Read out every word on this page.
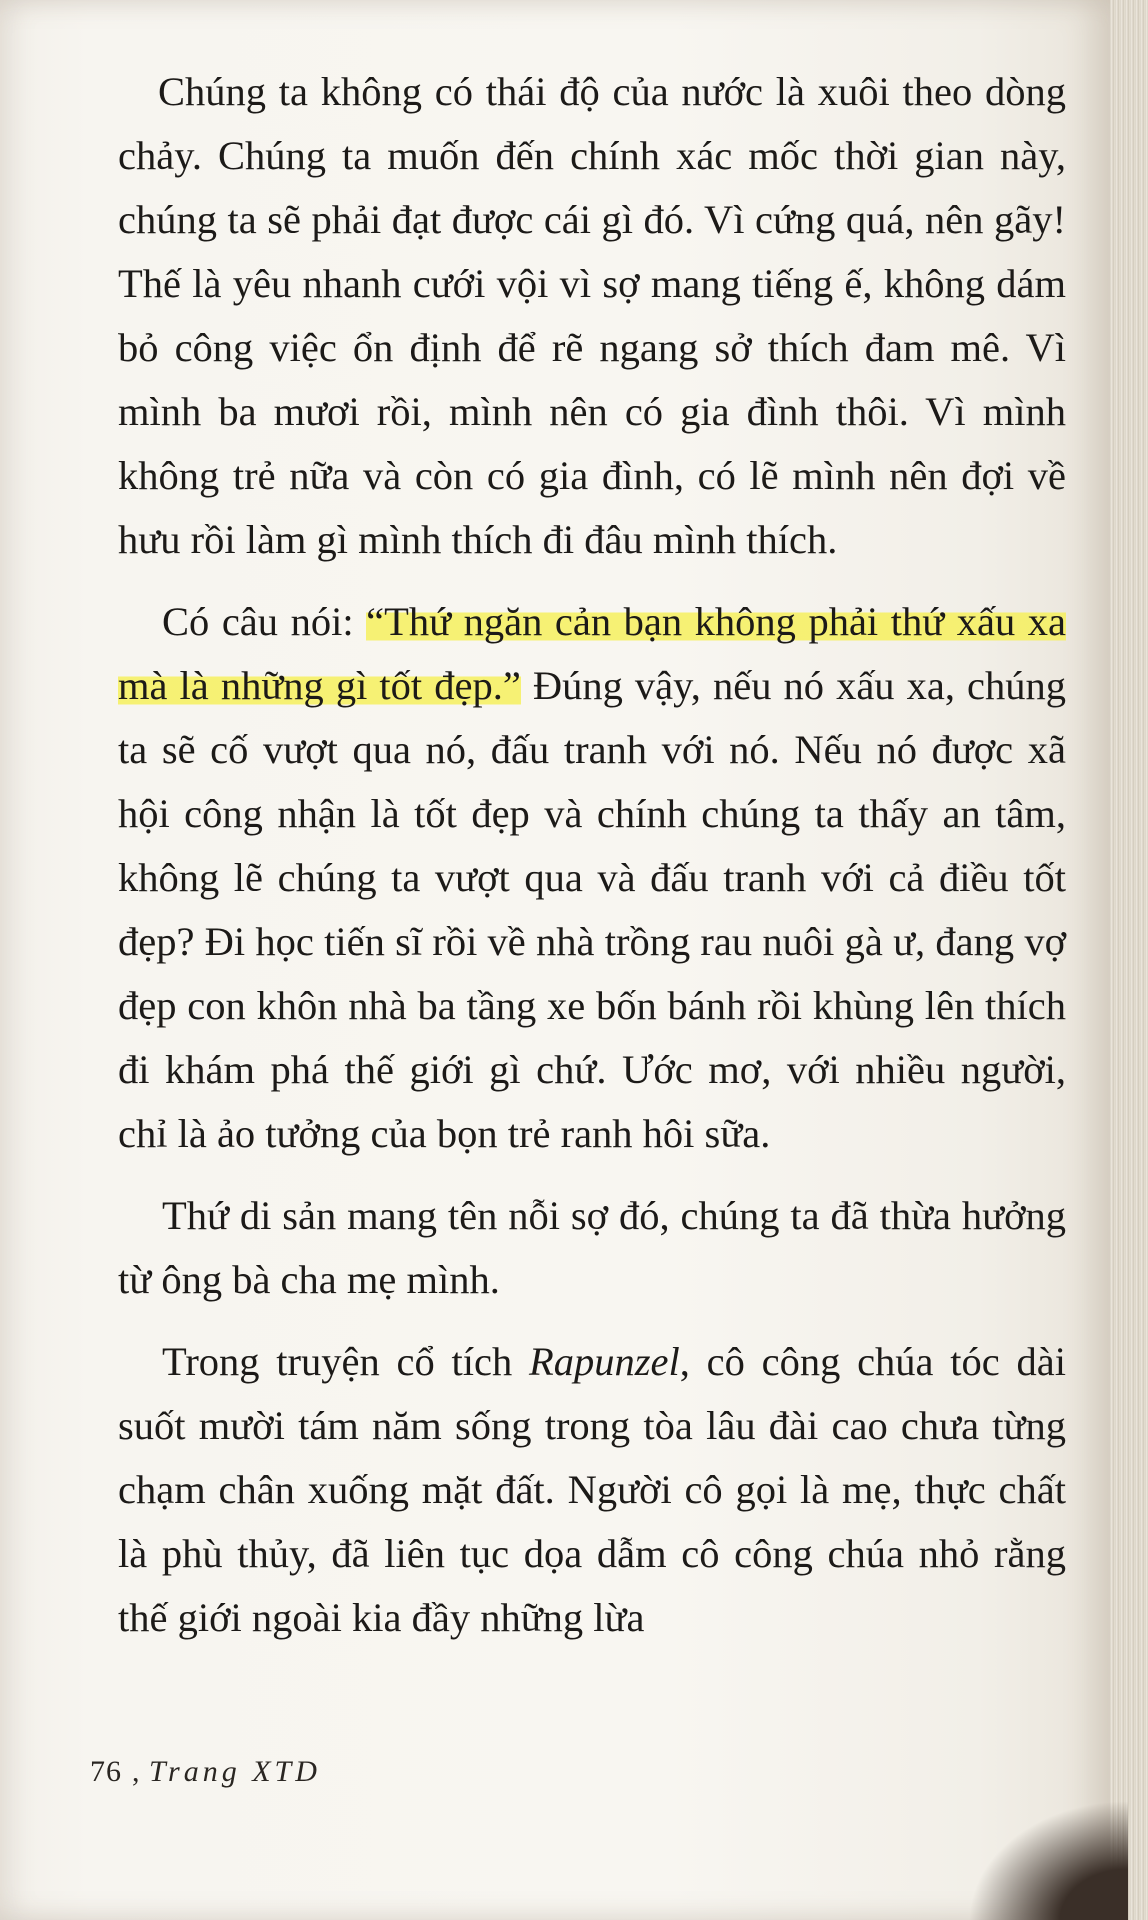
Chúng ta không có thái độ của nước là xuôi theo dòng chảy. Chúng ta muốn đến chính xác mốc thời gian này, chúng ta sẽ phải đạt được cái gì đó. Vì cứng quá, nên gãy! Thế là yêu nhanh cưới vội vì sợ mang tiếng ế, không dám bỏ công việc ổn định để rẽ ngang sở thích đam mê. Vì mình ba mươi rồi, mình nên có gia đình thôi. Vì mình không trẻ nữa và còn có gia đình, có lẽ mình nên đợi về hưu rồi làm gì mình thích đi đâu mình thích.

Có câu nói: “Thứ ngăn cản bạn không phải thứ xấu xa mà là những gì tốt đẹp.” Đúng vậy, nếu nó xấu xa, chúng ta sẽ cố vượt qua nó, đấu tranh với nó. Nếu nó được xã hội công nhận là tốt đẹp và chính chúng ta thấy an tâm, không lẽ chúng ta vượt qua và đấu tranh với cả điều tốt đẹp? Đi học tiến sĩ rồi về nhà trồng rau nuôi gà ư, đang vợ đẹp con khôn nhà ba tầng xe bốn bánh rồi khùng lên thích đi khám phá thế giới gì chứ. Ước mơ, với nhiều người, chỉ là ảo tưởng của bọn trẻ ranh hôi sữa.

Thứ di sản mang tên nỗi sợ đó, chúng ta đã thừa hưởng từ ông bà cha mẹ mình.

Trong truyện cổ tích Rapunzel, cô công chúa tóc dài suốt mười tám năm sống trong tòa lâu đài cao chưa từng chạm chân xuống mặt đất. Người cô gọi là mẹ, thực chất là phù thủy, đã liên tục dọa dẫm cô công chúa nhỏ rằng thế giới ngoài kia đầy những lừa

76 , Trang XTD
